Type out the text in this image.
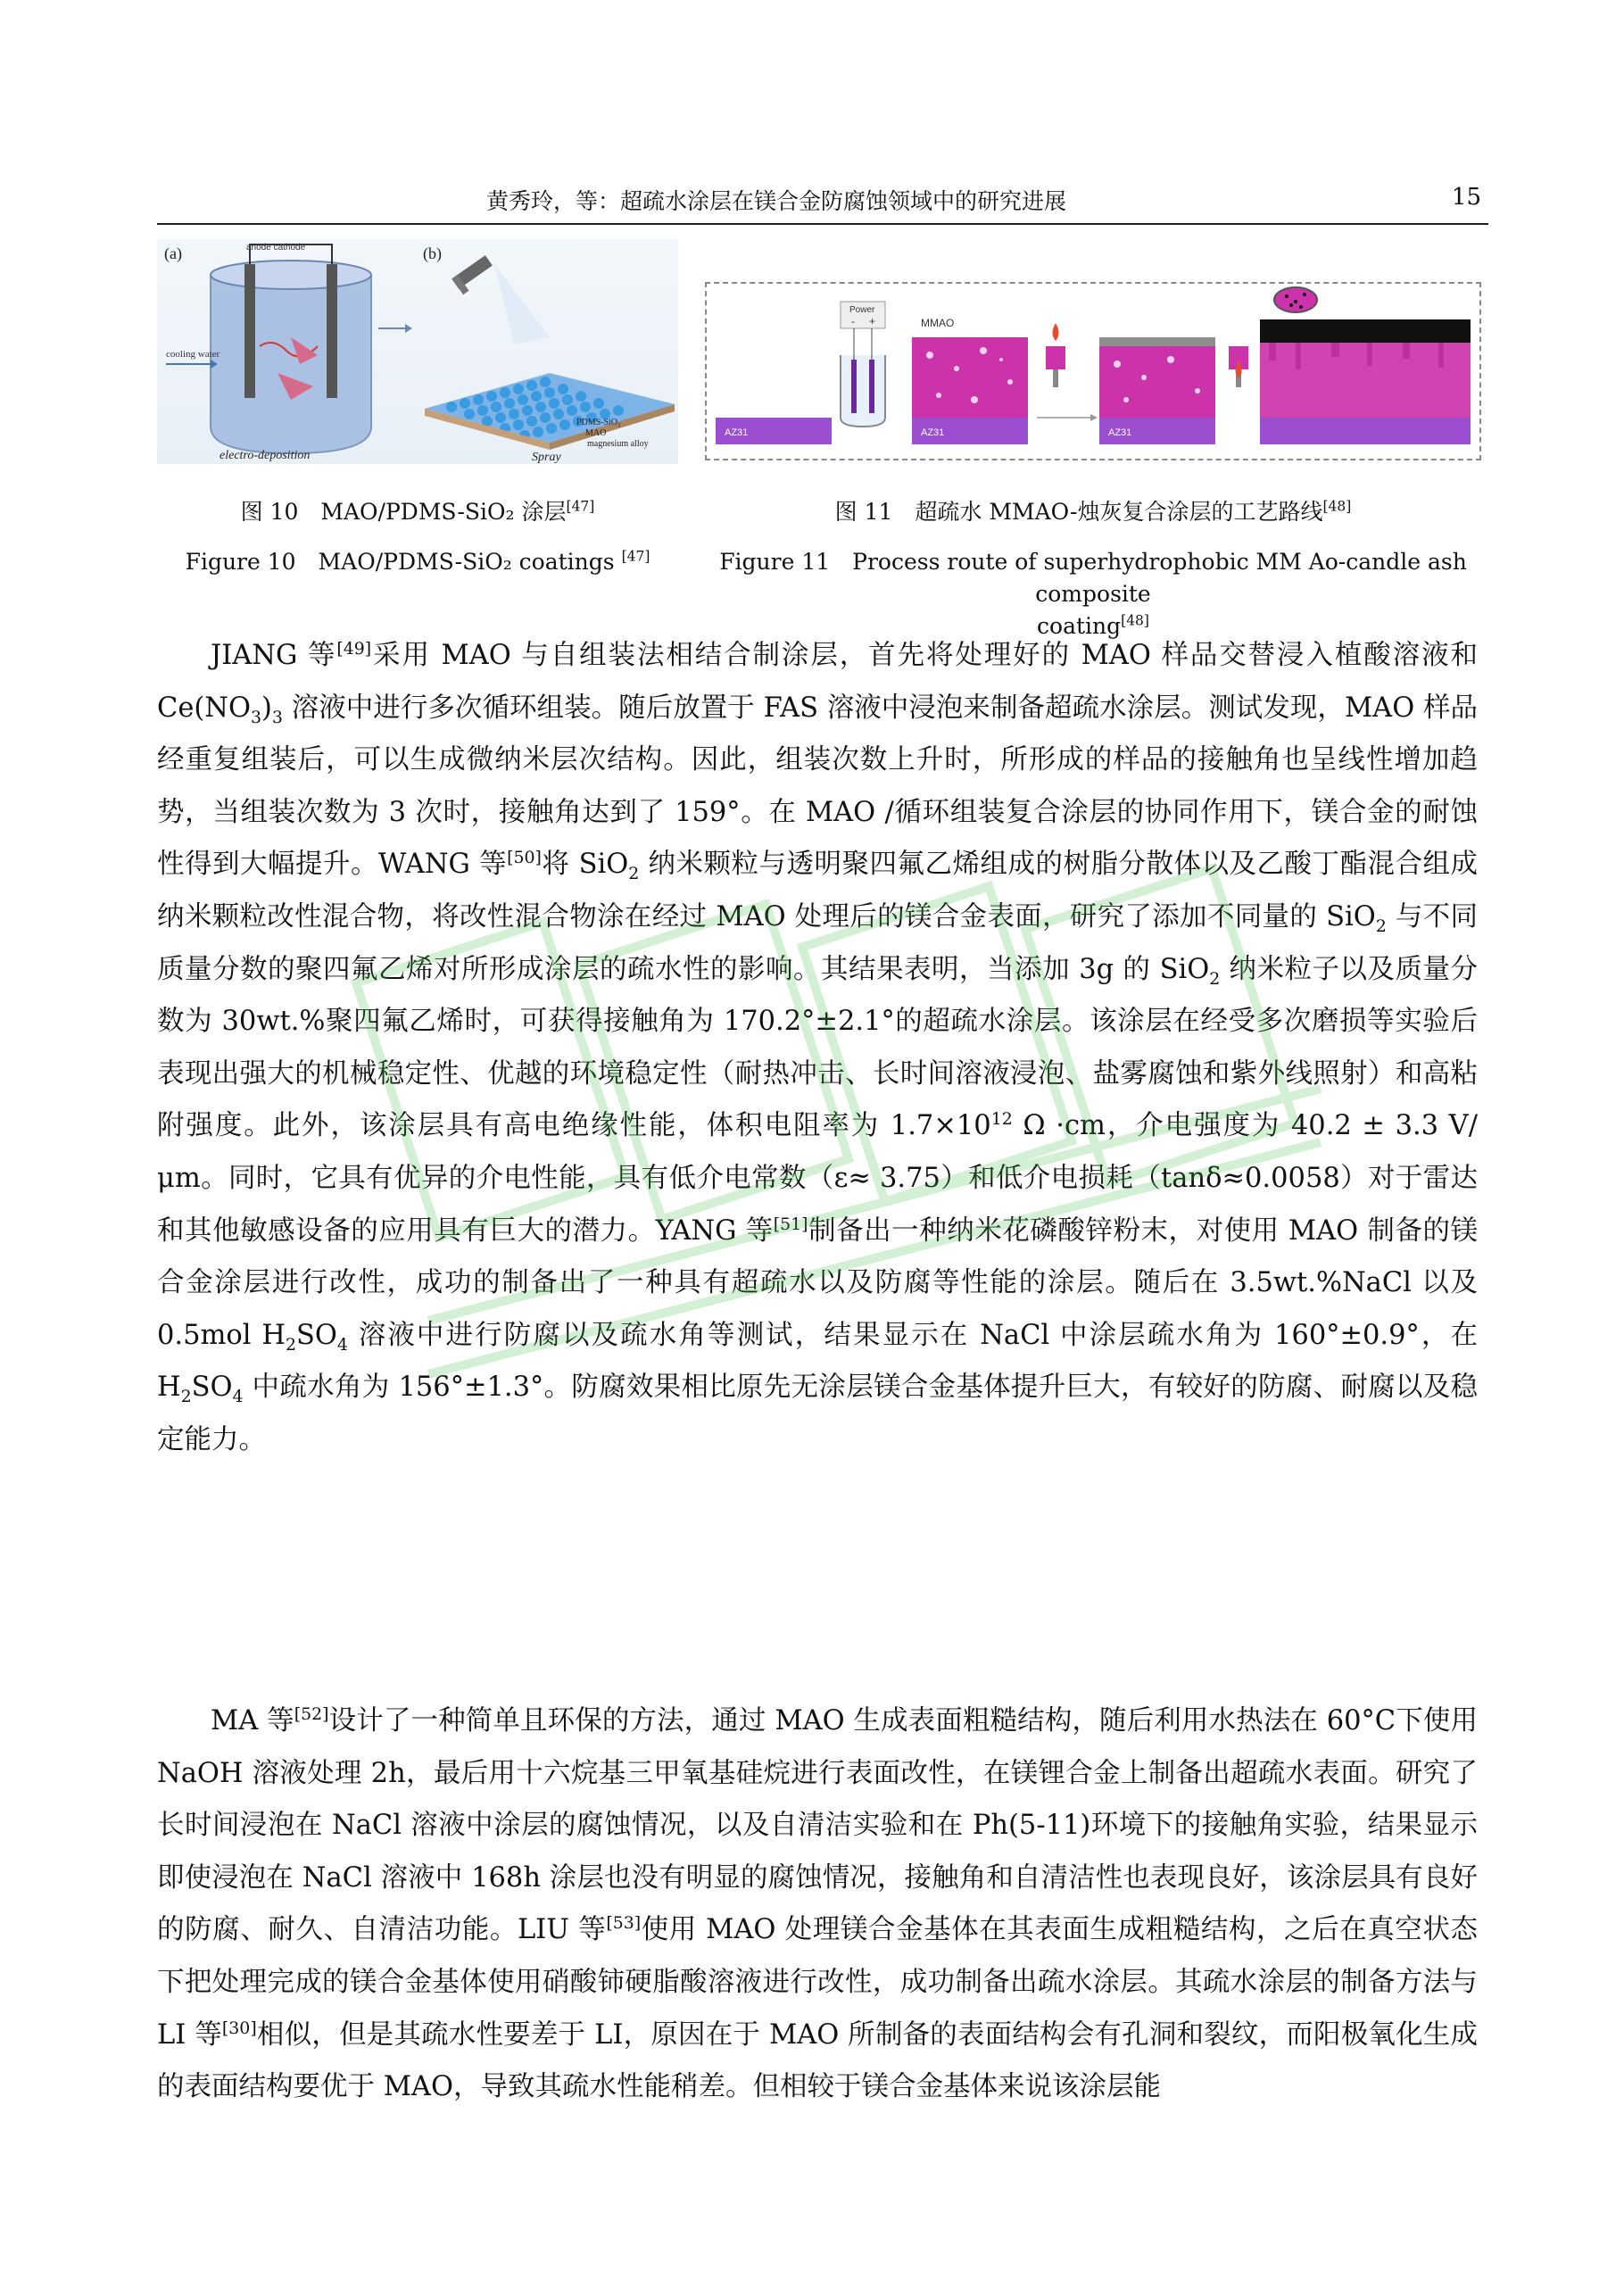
黄秀玲，等：超疏水涂层在镁合金防腐蚀领域中的研究进展	15
(a)	anode cathode
cooling water
electro-deposition
(b)
PDMS-SiO₂
MAO
magnesium alloy
Spray
AZ31
Power
- +	MMAO
AZ31	AZ31
图 10　MAO/PDMS-SiO₂ 涂层[47]
Figure 10　MAO/PDMS-SiO₂ coatings [47]
图 11　超疏水 MMAO-烛灰复合涂层的工艺路线[48]
Figure 11　Process route of superhydrophobic MM Ao-candle ash composite
coating[48]

JIANG 等[49]采用 MAO 与自组装法相结合制涂层，首先将处理好的 MAO 样品交替浸入植酸溶液和 $Ce(NO_3)_3$ 溶液中进行多次循环组装。随后放置于 FAS 溶液中浸泡来制备超疏水涂层。测试发现，MAO 样品经重复组装后，可以生成微纳米层次结构。因此，组装次数上升时，所形成的样品的接触角也呈线性增加趋势，当组装次数为 3 次时，接触角达到了 159°。在 MAO /循环组装复合涂层的协同作用下，镁合金的耐蚀性得到大幅提升。WANG 等[50]将 SiO$_2$ 纳米颗粒与透明聚四氟乙烯组成的树脂分散体以及乙酸丁酯混合组成纳米颗粒改性混合物，将改性混合物涂在经过 MAO 处理后的镁合金表面，研究了添加不同量的 SiO$_2$ 与不同质量分数的聚四氟乙烯对所形成涂层的疏水性的影响。其结果表明，当添加 3g 的 SiO$_2$ 纳米粒子以及质量分数为 30wt.%聚四氟乙烯时，可获得接触角为 170.2°±2.1°的超疏水涂层。该涂层在经受多次磨损等实验后表现出强大的机械稳定性、优越的环境稳定性（耐热冲击、长时间溶液浸泡、盐雾腐蚀和紫外线照射）和高粘附强度。此外，该涂层具有高电绝缘性能，体积电阻率为 $1.7\times 10^{12}$ Ω ·cm，介电强度为 40.2 ± 3.3 V/μm。同时，它具有优异的介电性能，具有低介电常数（ε≈ 3.75）和低介电损耗（tanδ≈0.0058）对于雷达和其他敏感设备的应用具有巨大的潜力。YANG 等[51]制备出一种纳米花磷酸锌粉末，对使用 MAO 制备的镁合金涂层进行改性，成功的制备出了一种具有超疏水以及防腐等性能的涂层。随后在 3.5wt.%NaCl 以及 0.5mol $H_2SO_4$ 溶液中进行防腐以及疏水角等测试，结果显示在 NaCl 中涂层疏水角为 160°±0.9°，在 $H_2SO_4$ 中疏水角为 156°±1.3°。防腐效果相比原先无涂层镁合金基体提升巨大，有较好的防腐、耐腐以及稳定能力。

MA 等[52]设计了一种简单且环保的方法，通过 MAO 生成表面粗糙结构，随后利用水热法在 60°C下使用 NaOH 溶液处理 2h，最后用十六烷基三甲氧基硅烷进行表面改性，在镁锂合金上制备出超疏水表面。研究了长时间浸泡在 NaCl 溶液中涂层的腐蚀情况，以及自清洁实验和在 Ph(5-11)环境下的接触角实验，结果显示即使浸泡在 NaCl 溶液中 168h 涂层也没有明显的腐蚀情况，接触角和自清洁性也表现良好，该涂层具有良好的防腐、耐久、自清洁功能。LIU 等[53]使用 MAO 处理镁合金基体在其表面生成粗糙结构，之后在真空状态下把处理完成的镁合金基体使用硝酸铈硬脂酸溶液进行改性，成功制备出疏水涂层。其疏水涂层的制备方法与 LI 等[30]相似，但是其疏水性要差于 LI，原因在于 MAO 所制备的表面结构会有孔洞和裂纹，而阳极氧化生成的表面结构要优于 MAO，导致其疏水性能稍差。但相较于镁合金基体来说该涂层能
